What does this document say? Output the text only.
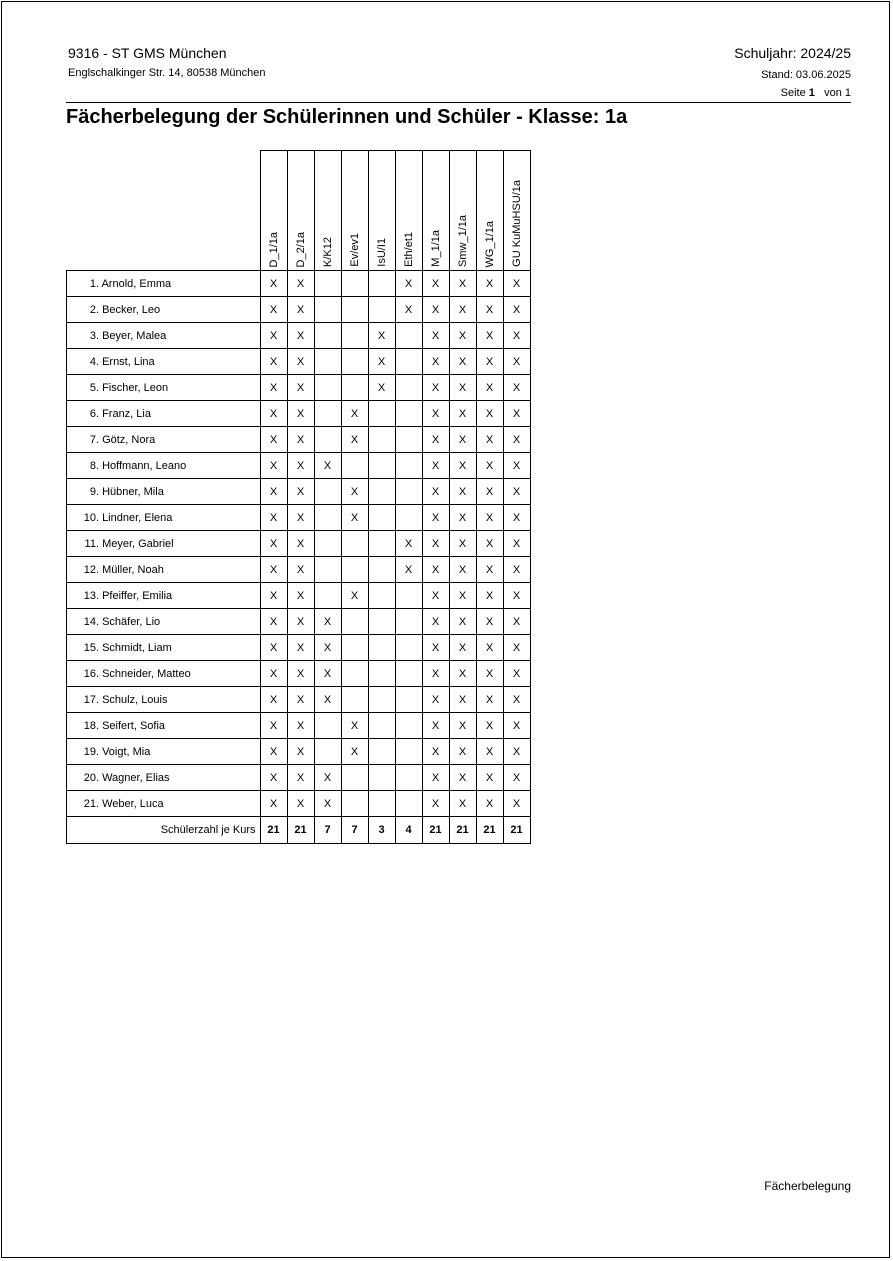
9316 - ST GMS München
Englschalkinger Str. 14, 80538 München
Schuljahr: 2024/25
Stand: 03.06.2025
Seite 1   von 1
Fächerbelegung der Schülerinnen und Schüler - Klasse: 1a

	D_1/1a	D_2/1a	K/K12	Ev/ev1	IsU/I1	Eth/et1	M_1/1a	Smw_1/1a	WG_1/1a	GU KuMuHSU/1a

1. Arnold, Emma	X	X				X	X	X	X	X
2. Becker, Leo	X	X				X	X	X	X	X
3. Beyer, Malea	X	X			X		X	X	X	X
4. Ernst, Lina	X	X			X		X	X	X	X
5. Fischer, Leon	X	X			X		X	X	X	X
6. Franz, Lia	X	X		X			X	X	X	X
7. Götz, Nora	X	X		X			X	X	X	X
8. Hoffmann, Leano	X	X	X				X	X	X	X
9. Hübner, Mila	X	X		X			X	X	X	X
10. Lindner, Elena	X	X		X			X	X	X	X
11. Meyer, Gabriel	X	X				X	X	X	X	X
12. Müller, Noah	X	X				X	X	X	X	X
13. Pfeiffer, Emilia	X	X		X			X	X	X	X
14. Schäfer, Lio	X	X	X				X	X	X	X
15. Schmidt, Liam	X	X	X				X	X	X	X
16. Schneider, Matteo	X	X	X				X	X	X	X
17. Schulz, Louis	X	X	X				X	X	X	X
18. Seifert, Sofia	X	X		X			X	X	X	X
19. Voigt, Mia	X	X		X			X	X	X	X
20. Wagner, Elias	X	X	X				X	X	X	X
21. Weber, Luca	X	X	X				X	X	X	X
Schülerzahl je Kurs	21	21	7	7	3	4	21	21	21	21
Fächerbelegung
